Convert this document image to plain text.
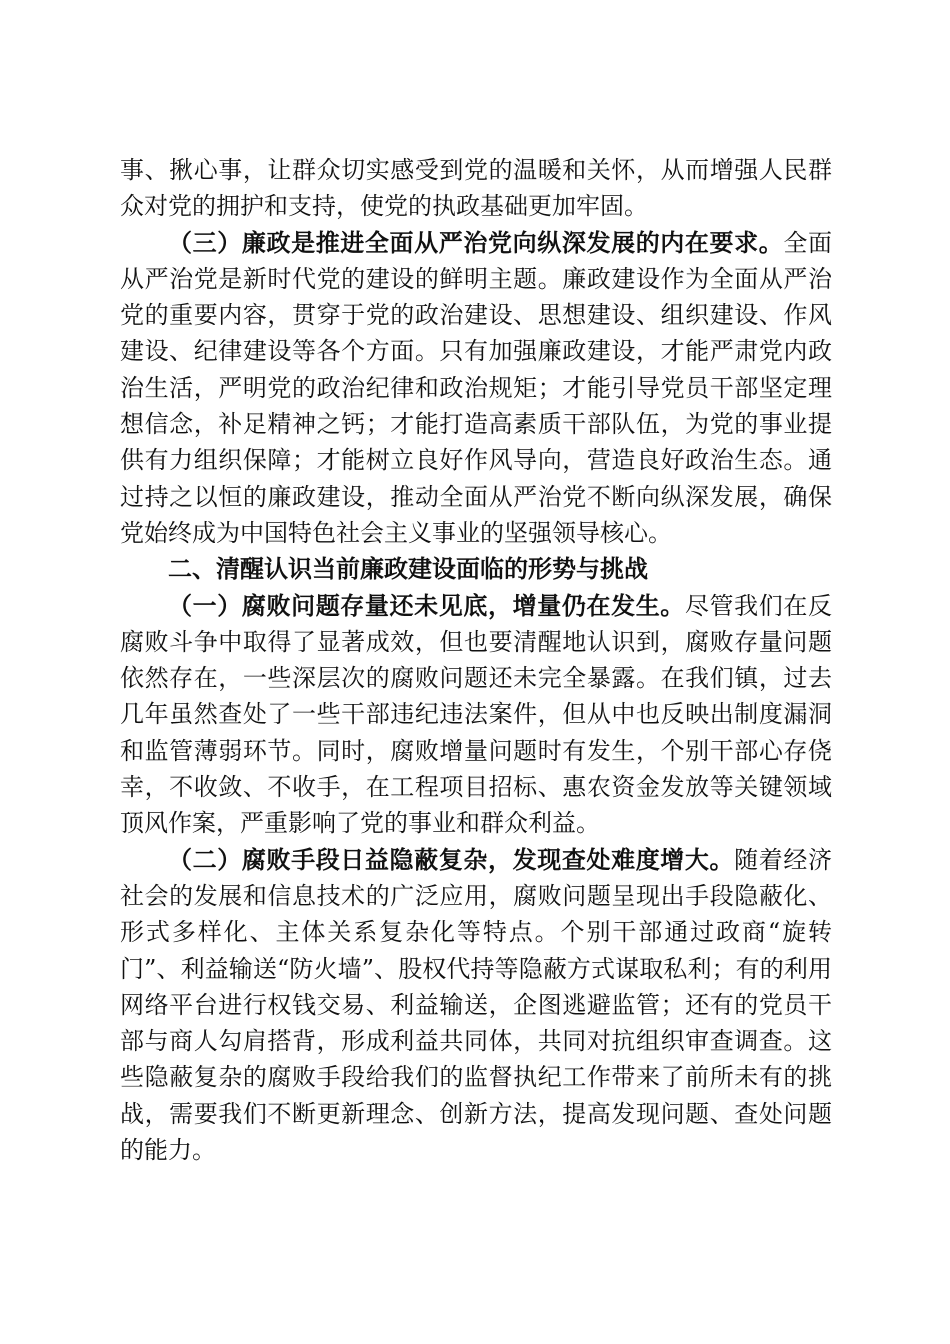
事、揪心事，让群众切实感受到党的温暖和关怀，从而增强人民群众对党的拥护和支持，使党的执政基础更加牢固。

（三）廉政是推进全面从严治党向纵深发展的内在要求。全面从严治党是新时代党的建设的鲜明主题。廉政建设作为全面从严治党的重要内容，贯穿于党的政治建设、思想建设、组织建设、作风建设、纪律建设等各个方面。只有加强廉政建设，才能严肃党内政治生活，严明党的政治纪律和政治规矩；才能引导党员干部坚定理想信念，补足精神之钙；才能打造高素质干部队伍，为党的事业提供有力组织保障；才能树立良好作风导向，营造良好政治生态。通过持之以恒的廉政建设，推动全面从严治党不断向纵深发展，确保党始终成为中国特色社会主义事业的坚强领导核心。

二、清醒认识当前廉政建设面临的形势与挑战

（一）腐败问题存量还未见底，增量仍在发生。尽管我们在反腐败斗争中取得了显著成效，但也要清醒地认识到，腐败存量问题依然存在，一些深层次的腐败问题还未完全暴露。在我们镇，过去几年虽然查处了一些干部违纪违法案件，但从中也反映出制度漏洞和监管薄弱环节。同时，腐败增量问题时有发生，个别干部心存侥幸，不收敛、不收手，在工程项目招标、惠农资金发放等关键领域顶风作案，严重影响了党的事业和群众利益。

（二）腐败手段日益隐蔽复杂，发现查处难度增大。随着经济社会的发展和信息技术的广泛应用，腐败问题呈现出手段隐蔽化、形式多样化、主体关系复杂化等特点。个别干部通过政商“旋转门”、利益输送“防火墙”、股权代持等隐蔽方式谋取私利；有的利用网络平台进行权钱交易、利益输送，企图逃避监管；还有的党员干部与商人勾肩搭背，形成利益共同体，共同对抗组织审查调查。这些隐蔽复杂的腐败手段给我们的监督执纪工作带来了前所未有的挑战，需要我们不断更新理念、创新方法，提高发现问题、查处问题的能力。
